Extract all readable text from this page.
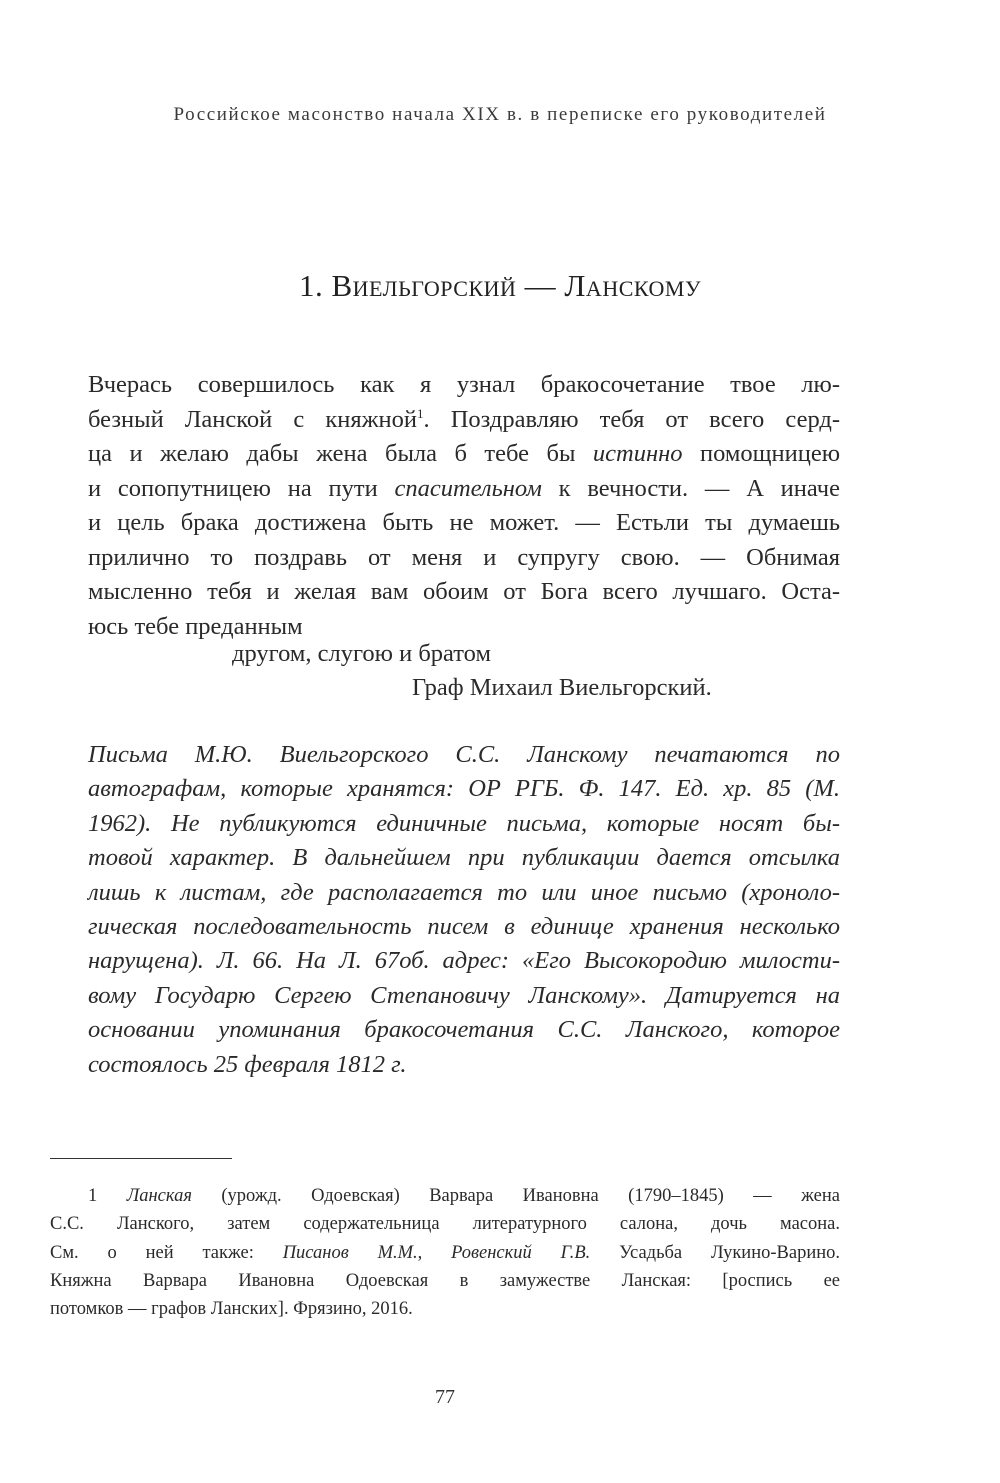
Российское масонство начала XIX в. в переписке его руководителей
1. Виельгорский — Ланскому
Вчерась совершилось как я узнал бракосочетание твое лю-
безный Ланской с княжной$^1$. Поздравляю тебя от всего серд-
ца и желаю дабы жена была б тебе бы истинно помощницею
и сопопутницею на пути спасительном к вечности. — А иначе
и цель брака достижена быть не может. — Естьли ты думаешь
прилично то поздравь от меня и супругу свою. — Обнимая
мысленно тебя и желая вам обоим от Бога всего лучшаго. Оста-
юсь тебе преданным
другом, слугою и братом
Граф Михаил Виельгорский.
Письма М.Ю. Виельгорского С.С. Ланскому печатаются по
автографам, которые хранятся: ОР РГБ. Ф. 147. Ед. хр. 85 (М.
1962). Не публикуются единичные письма, которые носят бы-
товой характер. В дальнейшем при публикации дается отсылка
лишь к листам, где располагается то или иное письмо (хроноло-
гическая последовательность писем в единице хранения несколько
нарущена). Л. 66. На Л. 67об. адрес: «Его Высокородию милости-
вому Государю Сергею Степановичу Ланскому». Датируется на
основании упоминания бракосочетания С.С. Ланского, которое
состоялось 25 февраля 1812 г.
1 Ланская (урожд. Одоевская) Варвара Ивановна (1790–1845) — жена
С.С. Ланского, затем содержательница литературного салона, дочь масона.
См. о ней также: Писанов М.М., Ровенский Г.В. Усадьба Лукино-Варино.
Княжна Варвара Ивановна Одоевская в замужестве Ланская: [роспись ее
потомков — графов Ланских]. Фрязино, 2016.
77
